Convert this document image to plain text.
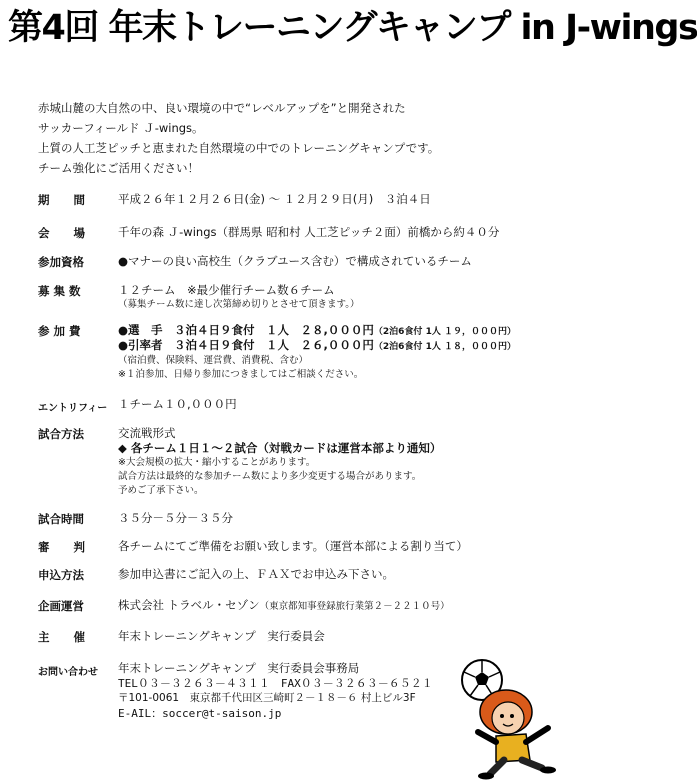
第4回 年末トレーニングキャンプ in J-wings
赤城山麓の大自然の中、良い環境の中で“レベルアップを”と開発された
サッカーフィールド Ｊ-wings。
上質の人工芝ピッチと恵まれた自然環境の中でのトレーニングキャンプです。
チーム強化にご活用ください！
期間 平成２６年１２月２６日(金) ～ １２月２９日(月)　３泊４日
会場 千年の森 Ｊ-wings（群馬県 昭和村 人工芝ピッチ２面）前橋から約４０分
参加資格	●マナーの良い高校生（クラブユース含む）で構成されているチーム
募集数	１２チーム　※最少催行チーム数６チーム
（募集チーム数に達し次第締め切りとさせて頂きます。）
参加費	●選　手　３泊４日９食付　１人　２８,０００円（2泊6食付 1人 １９，０００円）
●引率者　３泊４日９食付　１人　２６,０００円（2泊6食付 1人 １８，０００円）
（宿泊費、保険料、運営費、消費税、含む）
※１泊参加、日帰り参加につきましてはご相談ください。
エントリフィー １チーム１０,０００円
試合方法	交流戦形式
◆ 各チーム１日１～２試合（対戦カードは運営本部より通知）
※大会規模の拡大・縮小することがあります。
試合方法は最終的な参加チーム数により多少変更する場合があります。
予めご了承下さい。
試合時間	３５分－５分－３５分
審判 各チームにてご準備をお願い致します。（運営本部による割り当て）
申込方法	参加申込書にご記入の上、ＦＡＸでお申込み下さい。
企画運営	株式会社 トラベル・セゾン（東京都知事登録旅行業第２－２２１０号）
主催 年末トレーニングキャンプ　実行委員会
お問い合わせ 年末トレーニングキャンプ　実行委員会事務局
TEL０３－３２６３－４３１１　FAX０３－３２６３－６５２１
〒101-0061　東京都千代田区三崎町２－１８－６ 村上ビル3F
E-AIL：soccer@t-saison.jp
